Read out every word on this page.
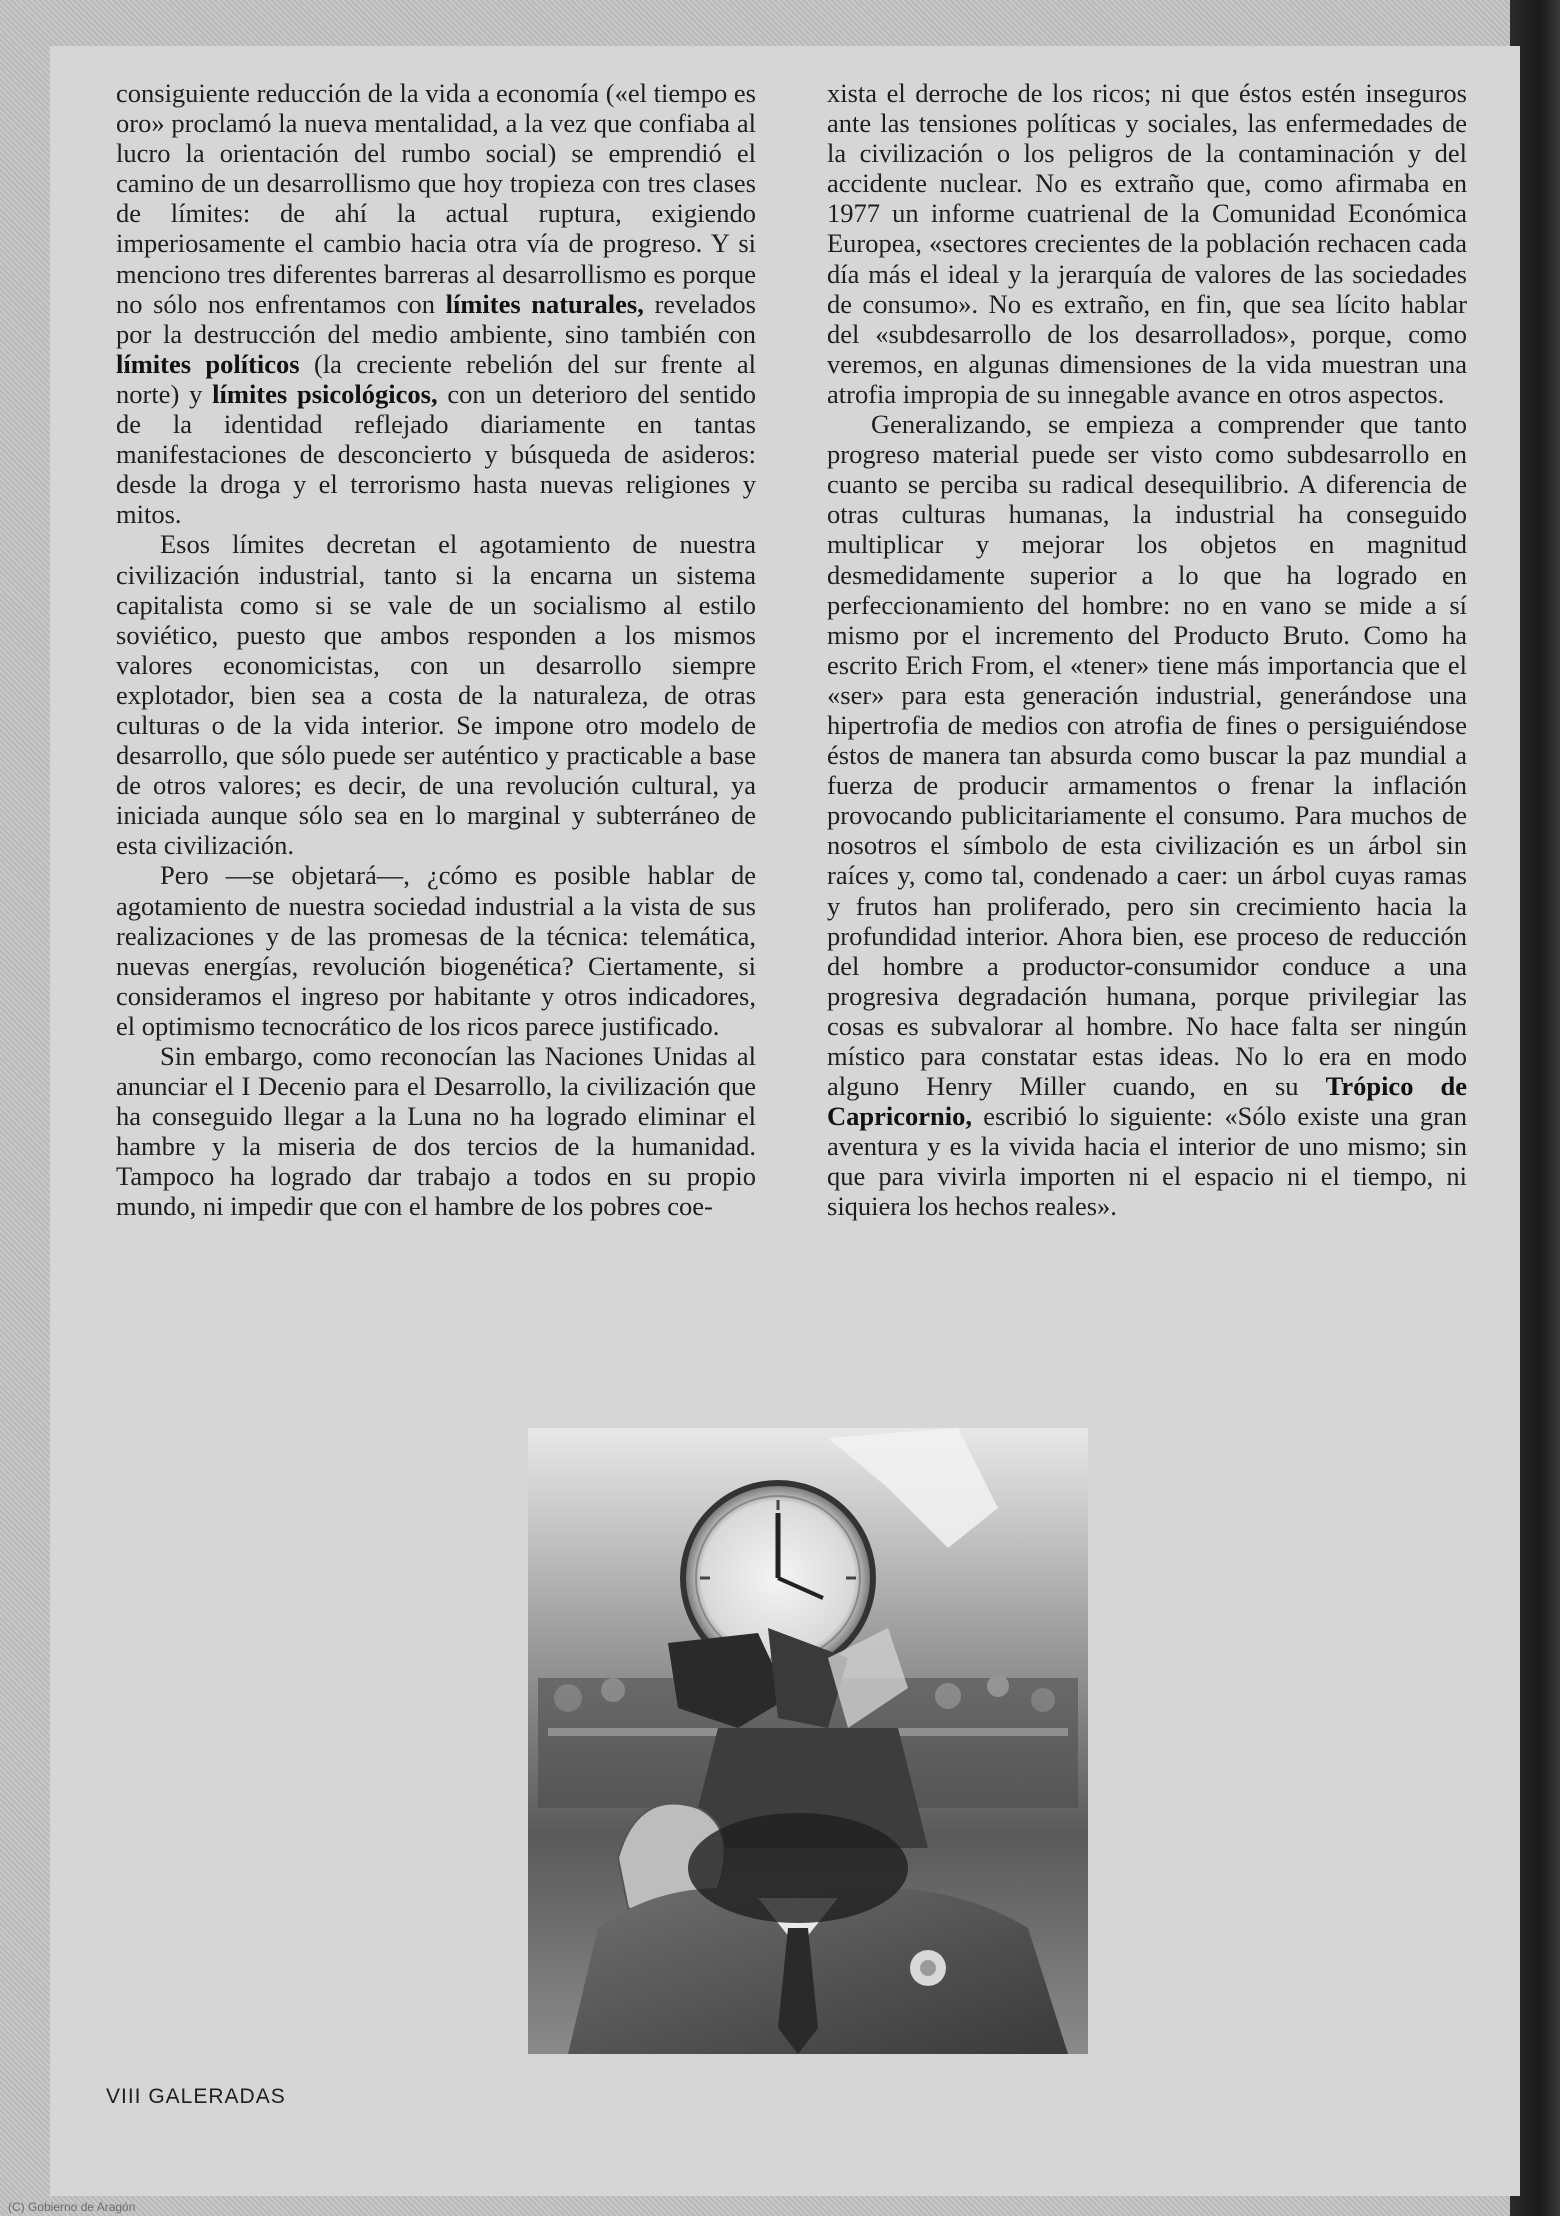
consiguiente reducción de la vida a economía («el tiempo es oro» proclamó la nueva mentalidad, a la vez que confiaba al lucro la orientación del rumbo social) se emprendió el camino de un desarrollismo que hoy tropieza con tres clases de límites: de ahí la actual ruptura, exigiendo imperiosamente el cambio hacia otra vía de progreso. Y si menciono tres diferentes barreras al desarrollismo es porque no sólo nos enfrentamos con límites naturales, revelados por la destrucción del medio ambiente, sino también con límites políticos (la creciente rebelión del sur frente al norte) y límites psicológicos, con un deterioro del sentido de la identidad reflejado diariamente en tantas manifestaciones de desconcierto y búsqueda de asideros: desde la droga y el terrorismo hasta nuevas religiones y mitos.

Esos límites decretan el agotamiento de nuestra civilización industrial, tanto si la encarna un sistema capitalista como si se vale de un socialismo al estilo soviético, puesto que ambos responden a los mismos valores economicistas, con un desarrollo siempre explotador, bien sea a costa de la naturaleza, de otras culturas o de la vida interior. Se impone otro modelo de desarrollo, que sólo puede ser auténtico y practicable a base de otros valores; es decir, de una revolución cultural, ya iniciada aunque sólo sea en lo marginal y subterráneo de esta civilización.

Pero —se objetará—, ¿cómo es posible hablar de agotamiento de nuestra sociedad industrial a la vista de sus realizaciones y de las promesas de la técnica: telemática, nuevas energías, revolución biogenética? Ciertamente, si consideramos el ingreso por habitante y otros indicadores, el optimismo tecnocrático de los ricos parece justificado.

Sin embargo, como reconocían las Naciones Unidas al anunciar el I Decenio para el Desarrollo, la civilización que ha conseguido llegar a la Luna no ha logrado eliminar el hambre y la miseria de dos tercios de la humanidad. Tampoco ha logrado dar trabajo a todos en su propio mundo, ni impedir que con el hambre de los pobres coe-

xista el derroche de los ricos; ni que éstos estén inseguros ante las tensiones políticas y sociales, las enfermedades de la civilización o los peligros de la contaminación y del accidente nuclear. No es extraño que, como afirmaba en 1977 un informe cuatrienal de la Comunidad Económica Europea, «sectores crecientes de la población rechacen cada día más el ideal y la jerarquía de valores de las sociedades de consumo». No es extraño, en fin, que sea lícito hablar del «subdesarrollo de los desarrollados», porque, como veremos, en algunas dimensiones de la vida muestran una atrofia impropia de su innegable avance en otros aspectos.

Generalizando, se empieza a comprender que tanto progreso material puede ser visto como subdesarrollo en cuanto se perciba su radical desequilibrio. A diferencia de otras culturas humanas, la industrial ha conseguido multiplicar y mejorar los objetos en magnitud desmedidamente superior a lo que ha logrado en perfeccionamiento del hombre: no en vano se mide a sí mismo por el incremento del Producto Bruto. Como ha escrito Erich From, el «tener» tiene más importancia que el «ser» para esta generación industrial, generándose una hipertrofia de medios con atrofia de fines o persiguiéndose éstos de manera tan absurda como buscar la paz mundial a fuerza de producir armamentos o frenar la inflación provocando publicitariamente el consumo. Para muchos de nosotros el símbolo de esta civilización es un árbol sin raíces y, como tal, condenado a caer: un árbol cuyas ramas y frutos han proliferado, pero sin crecimiento hacia la profundidad interior. Ahora bien, ese proceso de reducción del hombre a productor-consumidor conduce a una progresiva degradación humana, porque privilegiar las cosas es subvalorar al hombre. No hace falta ser ningún místico para constatar estas ideas. No lo era en modo alguno Henry Miller cuando, en su Trópico de Capricornio, escribió lo siguiente: «Sólo existe una gran aventura y es la vivida hacia el interior de uno mismo; sin que para vivirla importen ni el espacio ni el tiempo, ni siquiera los hechos reales».

VIII GALERADAS
(C) Gobierno de Aragón
